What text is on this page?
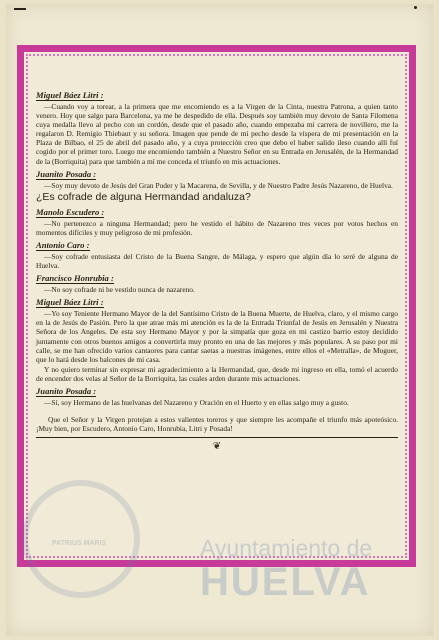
PATRIUS MARIS	Ayuntamiento de
HUELVA
Miguel Báez Litri :

—Cuando voy a torear, a la primera que me encomiendo es a la Virgen de la Cinta, nuestra Patrona, a quien tanto venero. Hoy que salgo para Barcelona, ya me he despedido de ella. Después soy también muy devoto de Santa Filomena cuya medalla llevo al pecho con un cordón, desde que el pasado año, cuando empezaba mi carrera de novillero, me la regalaron D. Remigio Thiebaut y su señora. Imagen que pende de mi pecho desde la víspera de mi presentación en la Plaza de Bilbao, el 25 de abril del pasado año, y a cuya protección creo que debo el haber salido ileso cuando allí fuí cogido por el primer toro. Luego me encomiendo también a Nuestro Señor en su Entrada en Jerusalén, de la Hermandad de la (Borriquita) para que también a mí me conceda el triunfo en mis actuaciones.

Juanito Posada :

—Soy muy devoto de Jesús del Gran Poder y la Macarena, de Sevilla, y de Nuestro Padre Jesús Nazareno, de Huelva.

¿Es cofrade de alguna Hermandad andaluza?
Manolo Escudero :

—No pertenezco a ninguna Hermandad; pero he vestido el hábito de Nazareno tres veces por votos hechos en momentos difíciles y muy peligroso de mi profesión.

Antonio Caro :

—Soy cofrade entusiasta del Cristo de la Buena Sangre, de Málaga, y espero que algún día lo seré de alguna de Huelva.

Francisco Honrubia :

—No soy cofrade ni he vestido nunca de nazareno.

Miguel Báez Litri :

—Yo soy Teniente Hermano Mayor de la del Santísimo Cristo de la Buena Muerte, de Huelva, claro, y el mismo cargo en la de Jesús de Pasión. Pero la que atrae más mi atención es la de la Entrada Triunfal de Jesús en Jerusalén y Nuestra Señora de los Angeles. De esta soy Hermano Mayor y por la simpatía que goza en mi castizo barrio estoy decidido juntamente con otros buenos amigos a convertirla muy pronto en una de las mejores y más populares. A su paso por mi calle, se me han ofrecido varios cantaores para cantar saetas a nuestras imágenes, entre ellos el «Metralla», de Moguer, que lo hará desde los balcones de mi casa.

Y no quiero terminar sin expresar mi agradecimiento a la Hermandad, que, desde mi ingreso en ella, tomó el acuerdo de encender dos velas al Señor de la Borriquita, las cuales arden durante mis actuaciones.

Juanito Posada :

—Sí, soy Hermano de las huelvanas del Nazareno y Oración en el Huerto y en ellas salgo muy a gusto.

Que el Señor y la Virgen protejan a estos valientes toreros y que siempre les acompañe el triunfo más apoteósico. ¡Muy bien, por Escudero, Antonio Caro, Honrubia, Litri y Posada!

❦
